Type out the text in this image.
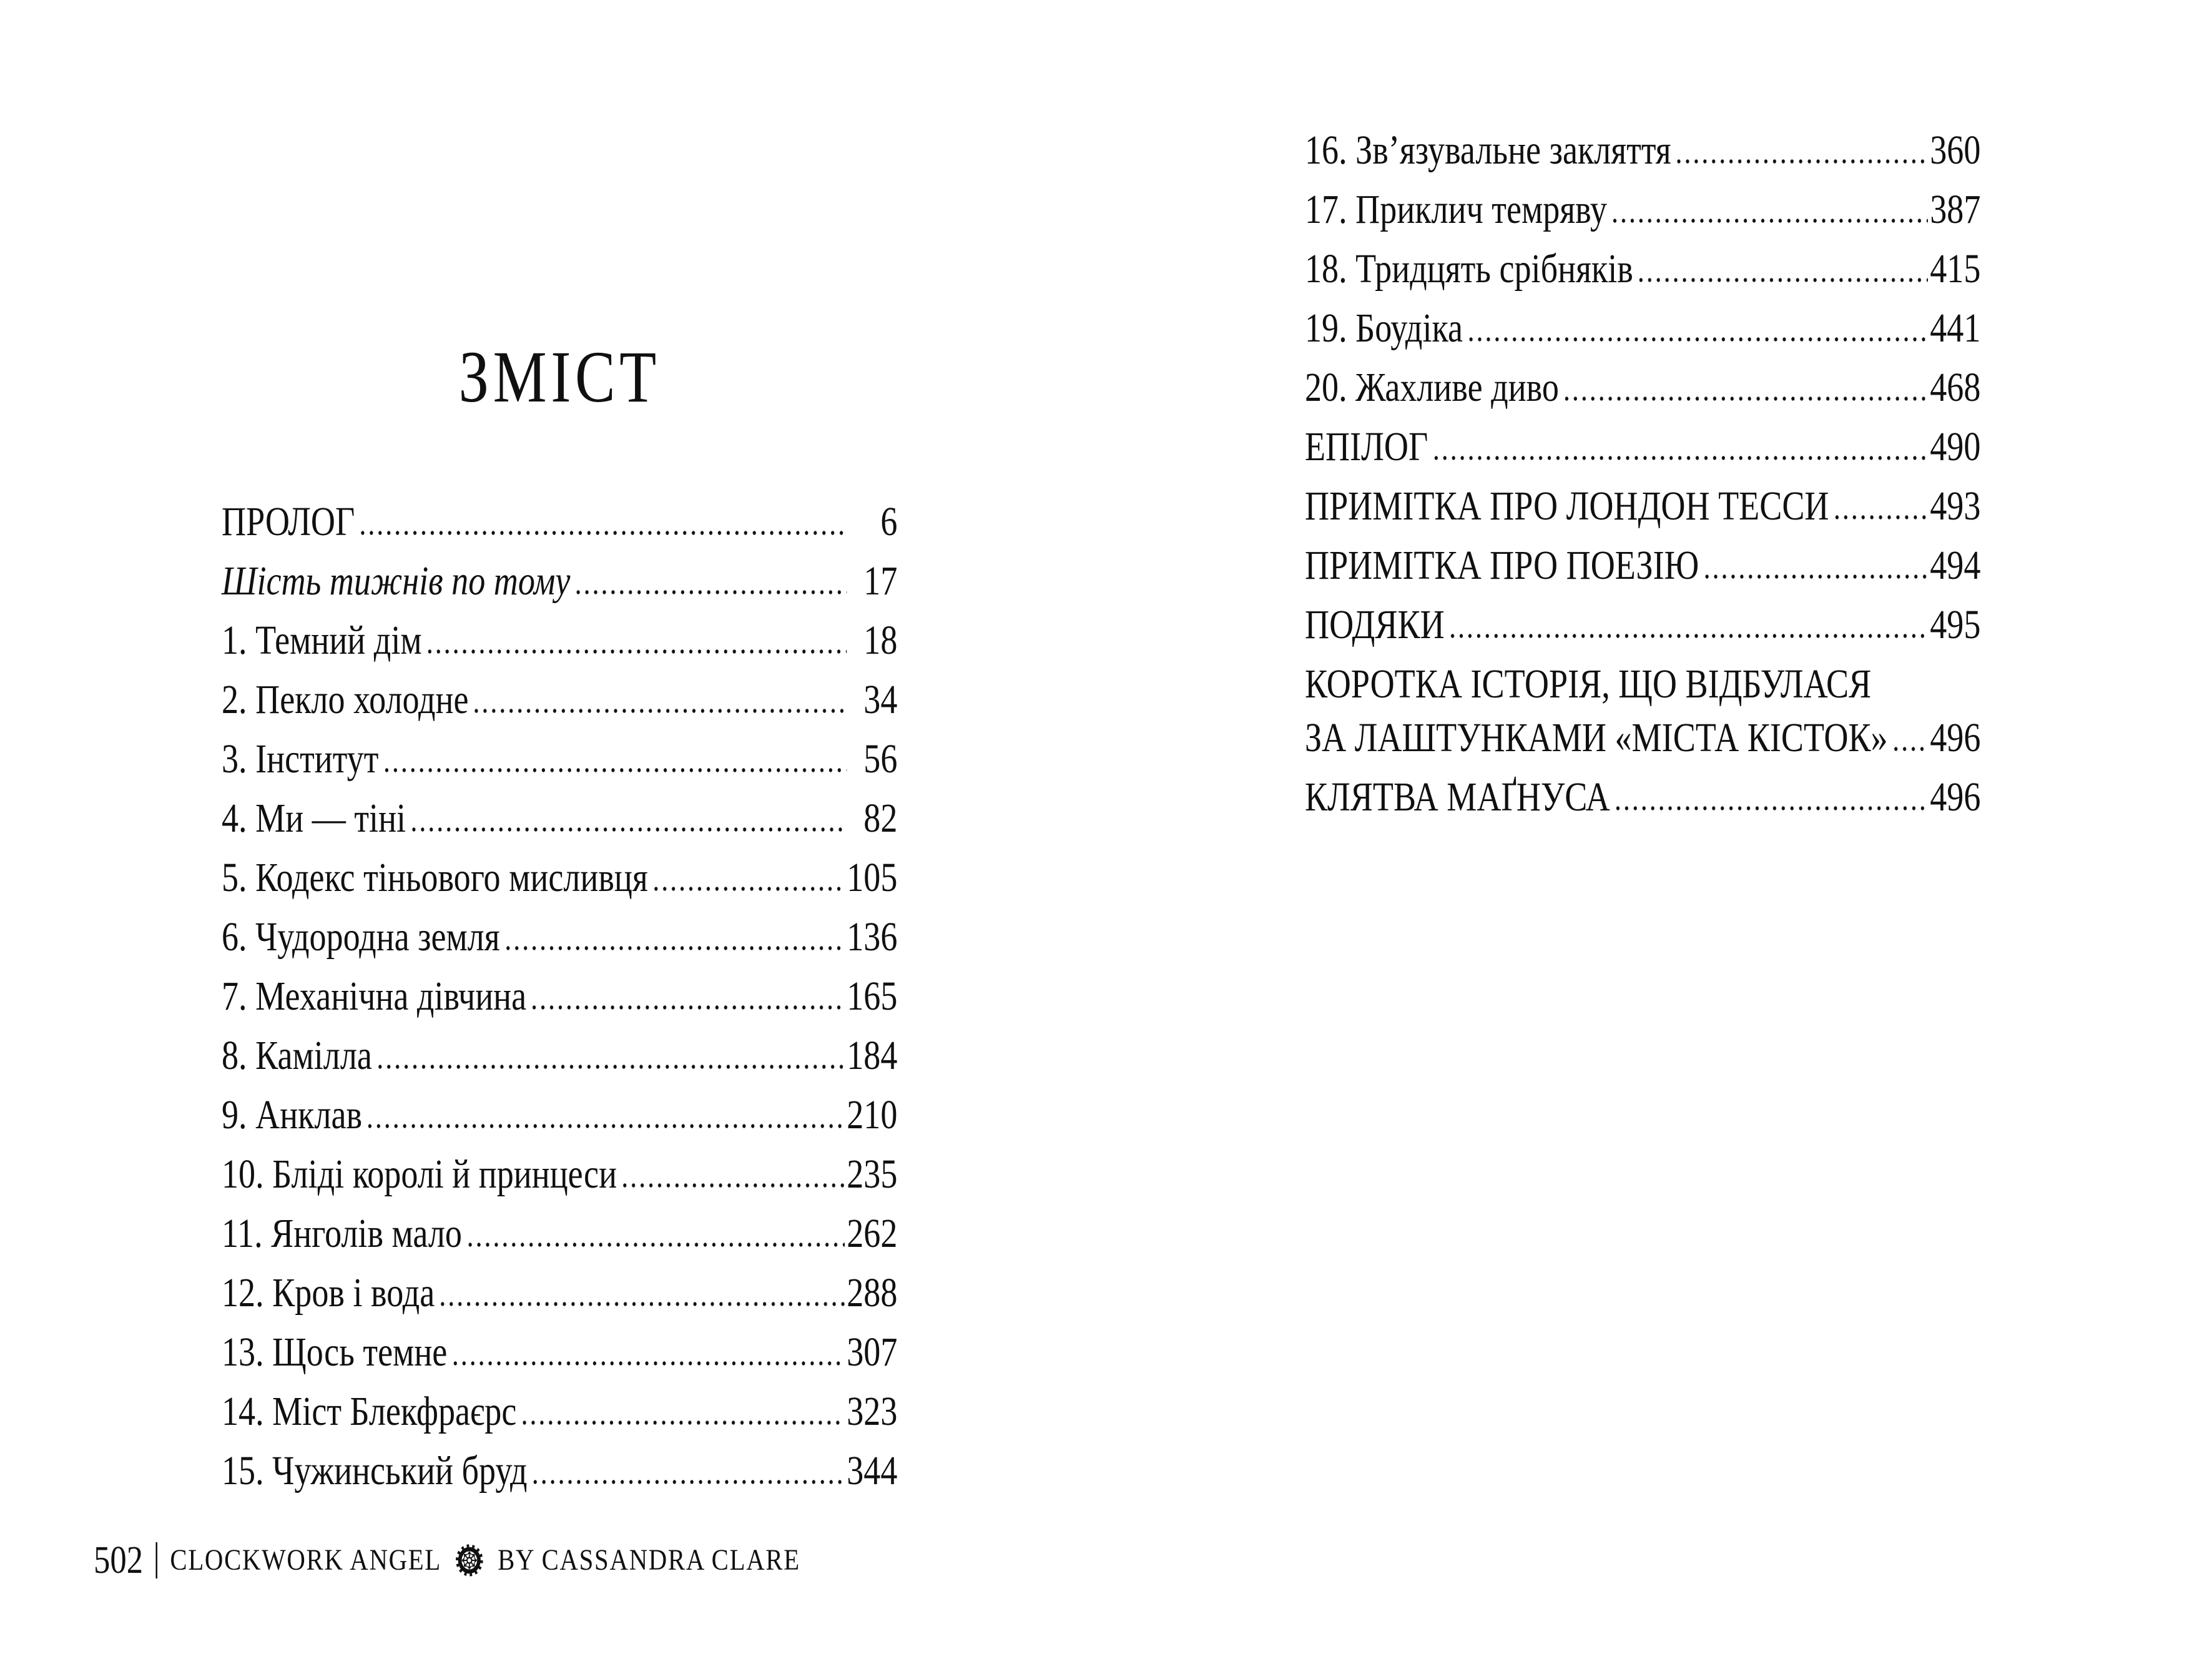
ЗМІСТ
ПРОЛОГ	6
Шість тижнів по тому	17
1. Темний дім	18
2. Пекло холодне	34
3. Інститут	56
4. Ми — тіні	82
5. Кодекс тіньового мисливця	105
6. Чудородна земля	136
7. Механічна дівчина	165
8. Камілла	184
9. Анклав	210
10. Бліді королі й принцеси	235
11. Янголів мало	262
12. Кров і вода	288
13. Щось темне	307
14. Міст Блекфраєрс	323
15. Чужинський бруд	344
16. Зв’язувальне закляття	360
17. Приклич темряву	387
18. Тридцять срібняків	415
19. Боудіка	441
20. Жахливе диво	468
ЕПІЛОГ	490
ПРИМІТКА ПРО ЛОНДОН ТЕССИ 493
ПРИМІТКА ПРО ПОЕЗІЮ	494
ПОДЯКИ	495
КОРОТКА ІСТОРІЯ, ЩО ВІДБУЛАСЯ
ЗА ЛАШТУНКАМИ «МІСТА КІСТОК» 496
КЛЯТВА МАҐНУСА	496
502 CLOCKWORK ANGEL BY CASSANDRA CLARE
